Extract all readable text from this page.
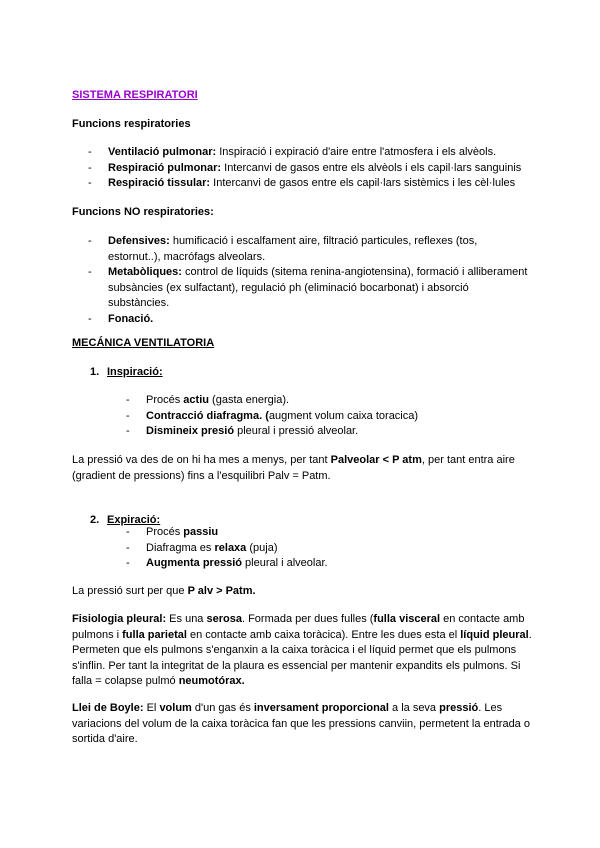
SISTEMA RESPIRATORI
Funcions respiratories
- Ventilació pulmonar: Inspiració i expiració d'aire entre l'atmosfera i els alvèols.
- Respiració pulmonar: Intercanvi de gasos entre els alvèols i els capil·lars sanguinis
- Respiració tissular: Intercanvi de gasos entre els capil·lars sistèmics i les cèl·lules
Funcions NO respiratories:
- Defensives: humificació i escalfament aire, filtració particules, reflexes (tos, estornut..), macrófags alveolars.
- Metabòliques: control de líquids (sitema renina-angiotensina), formació i alliberament subsàncies (ex sulfactant), regulació ph (eliminació bocarbonat) i absorció substàncies.
- Fonació.
MECÁNICA VENTILATORIA
1. Inspiració:
- Procés actiu (gasta energia).
- Contracció diafragma. (augment volum caixa toracica)
- Dismineix presió pleural i pressió alveolar.
La pressió va des de on hi ha mes a menys, per tant Palveolar < P atm, per tant entra aire (gradient de pressions) fins a l'esquilibri Palv = Patm.
2. Expiració:
- Procés passiu
- Diafragma es relaxa (puja)
- Augmenta pressió pleural i alveolar.
La pressió surt per que P alv > Patm.
Fisiologia pleural: Es una serosa. Formada per dues fulles (fulla visceral en contacte amb pulmons i fulla parietal en contacte amb caixa toràcica). Entre les dues esta el líquid pleural. Permeten que els pulmons s'enganxin a la caixa toràcica i el líquid permet que els pulmons s'inflin. Per tant la integritat de la plaura es essencial per mantenir expandits els pulmons. Si falla = colapse pulmó neumotórax.
Llei de Boyle: El volum d'un gas és inversament proporcional a la seva pressió. Les variacions del volum de la caixa toràcica fan que les pressions canviin, permetent la entrada o sortida d'aire.
